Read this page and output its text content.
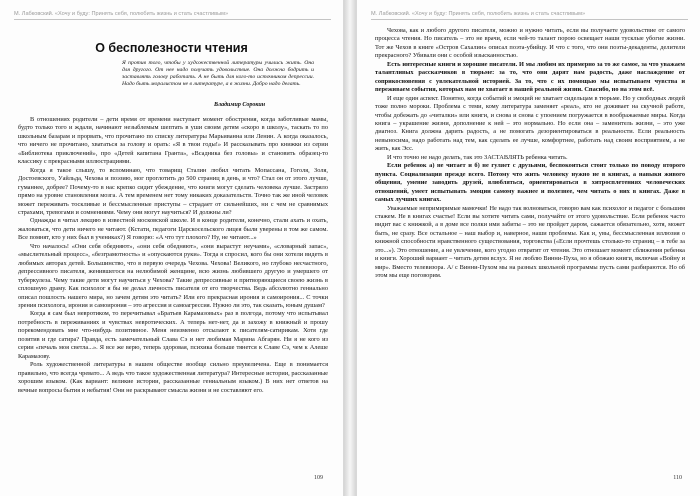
М. Лабковский. «Хочу и буду: Принять себя, полюбить жизнь и стать счастливым»
О бесполезности чтения
Я против того, чтобы у художественной литературы учились жить. Она для другого. От нее надо получать удовольствие. Она должна бодрить и заставлять голову работать. А не быть для кого-то источником депрессии. Надо быть моралистом не в литературе, а в жизни. Добро надо делать.
Владимир Сорокин

В отношениях родители – дети время от времени наступает момент обострения, когда заботливые мамы, будто только того и ждали, начинают незыблемым шептать в уши своим детям «скоро в школу», таскать то по школьным базарам и прорвать, что прочитано по списку литературы Марьиванна или Ленин. А когда оказалось, что ничего не прочитано, хвататься за голову и орать: «Я в твои годы!» И рассказывать про книжки из серии «Библиотека приключений», про «Детей капитана Гранта», «Всадника без головы» и становить образец-то классику с прекрасными иллюстрациями.

Когда я такое слышу, то вспоминаю, что товарищ Сталин любил читать Мопассана, Гоголя, Золя, Достоевского, Уайльда, Чехова и поэзию, мог проглотить до 500 страниц в день, и что? Стал он от этого лучше, гуманнее, добрее? Почему-то в нас крепко сидит убеждение, что книги могут сделать человека лучше. Застряло прямо на уровне становления мозга. А тем временем нет тому никаких доказательств. Точно так же иной человек может переживать тоскливые и бессмысленные приступы – страдает от сильнейших, ни с чем не сравнимых страхами, тревогами и сомнениями. Чему они могут научиться? И должны ли?

Однажды в читал лекцию в известной московской школе. И в конце родители, конечно, стали ахать и охать, жаловаться, что дети ничего не читают. (Кстати, педагоги Царскосельского лицея были уверены в том же самом. Все помнят, кто у них был в учениках?) Я говорю: «А что тут плохого? Ну, не читают...»

Что началось! «Они себя обедняют», «они себя обедняют», «они вырастут неучами», «словарный запас», «мыслительный процесс», «безграмотность» и «опускаются руки». Тогда я спросил, кого бы они хотели видеть в любимых авторах детей. Большинство, что в первую очередь Чехова. Чехова! Великого, но глубоко несчастного, депрессивного писателя, женившегося на нелюбимой женщине, всю жизнь любившего другую и умершего от туберкулеза. Чему такие дети могут научиться у Чехова? Такие депрессивные и притворяющиеся своею жизнь в сплошную драму. Как психолог я бы не делал личность писателя от его творчества. Ведь абсолютно гениально описал пошлость нашего мира, но зачем детям это читать? Или его прекрасная ирония и самоирония... С точки зрения психолога, ирония и самоирония – это агрессия и самоагрессия. Нужно ли это, так сказать, юным душам?

Когда я сам был невротиком, то перечитывал «Братьев Карамазовых» раз в полгода, потому что испытывал потребность в переживаниях и чувствах невротических. А теперь нет-нет, да и захожу в книжный и прошу порекомендовать мне что-нибудь позитивное. Меня неизменно отсылают к писателям-сатирикам. Хотя где позитив и где сатира? Правда, есть замечательный Слава Сэ и нет любимая Марина Абгарян. Ни я не кого из серии «печаль моя светла...». Я все же верю, теперь здоровая, психика больше тянется к Славе Сэ, чем к Алеше Карамазову.

Роль художественной литературы в нашем обществе вообще сильно преувеличена. Еще в понимается правильно, что всегда чревато... А ведь что такое художественная литература? Интересные истории, рассказанные хорошим языком. (Как вариант: великие истории, рассказанные гениальным языком.) В них нет ответов на вечные вопросы бытия и небытия! Они не раскрывают смысла жизни и не составляют его.

109
М. Лабковский. «Хочу и буду: Принять себя, полюбить жизнь и стать счастливым»

Чехова, как и любого другого писателя, можно и нужно читать, если вы получаете удовольствие от самого процесса чтения. Но писатель – это не врачи, если чей-то талант порою освещает наши тусклые убогие жизни. Тот же Чехов в книге «Остров Сахалин» описал поэта-убийцу. И что с того, что они поэты-декаденты, делители прекрасного? Убивали они с особой изысканностью.

Есть интересные книги и хорошие писатели. И мы любим их примерно за то же самое, за что уважаем талантливых рассказчиков в тюрьме: за то, что они дарят нам радость, даже наслаждение от соприкосновения с увлекательной историей. За то, что с их помощью мы испытываем чувства и переживаем события, которых нам не хватает в нашей реальной жизни. Спасибо, но на этом всё.

И еще один аспект. Понятно, когда событий и эмоций не хватает сидельцам в тюрьме. Но у свободных людей тоже полно мороки. Проблема с теми, кому литература заменяет «реал», кто не доживает на скучной работе, чтобы добежать до «читалки» или книги, и снова и снова с упоением погружается в воображаемые миры. Когда книга – украшение жизни, дополнение к ней – это нормально. Но если она – заменитель жизни, – это уже диагноз. Книга должна дарить радость, а не помогать дезориентироваться в реальности. Если реальность невыносима, надо работать над тем, как сделать ее лучше, комфортнее, работать над своим восприятием, а не жить, как Эсс.

И что точно не надо делать, так это ЗАСТАВЛЯТЬ ребенка читать.

Если ребенок а) не читает и б) не гуляет с друзьями, беспокоиться стоит только по поводу второго пункта. Социализация прежде всего. Потому что жить человеку нужно не в книгах, а навыки живого общения, умение заводить друзей, влюбляться, ориентироваться в хитросплетениях человеческих отношений, умеет испытывать эмоции самому важнее и полезнее, чем читать о них в книгах. Даже в самых лучших книгах.

Уважаемые непримиримые мамочки! Не надо так волноваться, говорю вам как психолог и педагог с большим стажем. Не в книгах счастье! Если вы хотите читать сами, получайте от этого удовольствие. Если ребенок часто видит вас с книжкой, а в доме все полки ими забиты – это не пройдет даром, сажается обязательно, хотя, может быть, не сразу. Все остальное – наш выбор и, наверное, наши проблемы. Как и, увы, бессмысленная иллюзия о книжной способности нравственного существования, торговства («Если прочтешь столько-то страниц – в тебе за это...»). Это отношение, а не увлечение, кого угодно отвратит от чтения. Это отношает момент сближения ребенка и книги. Хороший вариант – читать детям вслух. Я не люблю Винни-Пуха, но я обожаю книги, включая «Войну и мир». Вместо телевизора. А/ с Винни-Пухом мы на разных школьной программы пусть сами разбираются. Но об этом мы еще поговорим.

110
